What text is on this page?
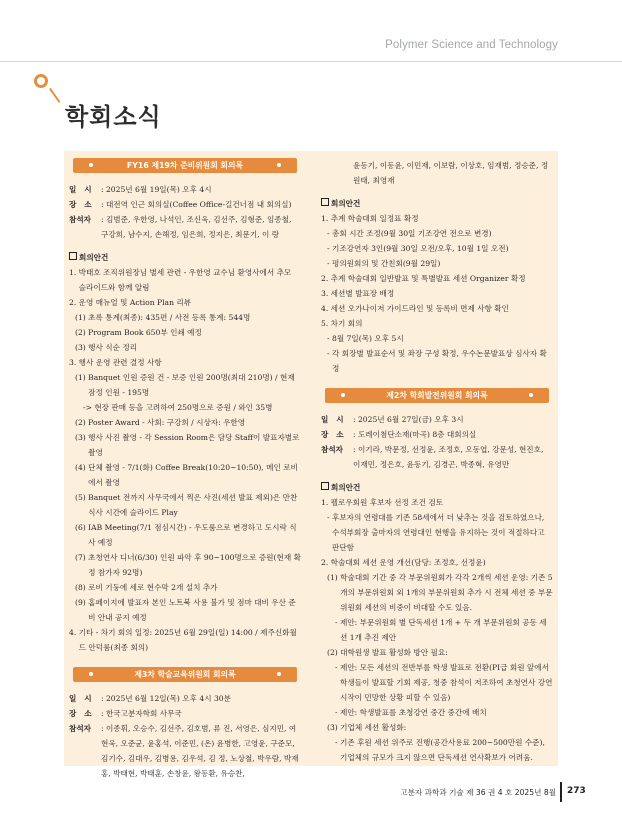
Polymer Science and Technology
학회소식
FY16 제19차 준비위원회 회의록
일   시	: 2025년 6월 19일(목) 오후 4시
장   소	: 대전역 인근 회의실(Coffee Office-길건너점 내 회의실)
참석자	: 김범준, 우한영, 나석인, 조신욱, 김선주, 김형준, 임종철, 구강희, 남수지, 손해정, 임은희, 정지은, 최문기, 이 랑
회의안건
1. 박태호 조직위원장님 별세 관련 - 우한영 교수님 환영사에서 추모 슬라이드와 함께 알림
2. 운영 매뉴얼 및 Action Plan 리뷰
(1) 초록 통계(최종): 435편 / 사전 등록 통계: 544명
(2) Program Book 650부 인쇄 예정
(3) 행사 식순 정리
3. 행사 운영 관련 결정 사항
(1) Banquet 인원 증원 건 - 보증 인원 200명(최대 210명) / 현재 잠정 인원 - 195명
-> 현장 판매 등을 고려하여 250명으로 증원 / 와인 35병
(2) Poster Award - 사회: 구강희 / 시상자: 우한영
(3) 행사 사진 촬영 - 각 Session Room은 담당 Staff이 발표자별로 촬영
(4) 단체 촬영 - 7/1(화) Coffee Break(10:20~10:50), 메인 로비에서 촬영
(5) Banquet 전까지 사무국에서 찍은 사진(세션 발표 제외)은 만찬 식사 시간에 슬라이드 Play
(6) IAB Meeting(7/1 점심시간) - 우도룸으로 변경하고 도시락 식사 예정
(7) 초청연사 디너(6/30) 인원 파악 후 90~100명으로 증원(현재 확정 참가자 92명)
(8) 로비 기둥에 세로 현수막 2개 설치 추가
(9) 홈페이지에 발표자 본인 노트북 사용 불가 및 점마 대비 우산 준비 안내 공지 예정
4. 기타 - 차기 회의 일정: 2025년 6월 29일(일) 14:00 / 제주신화월드 안덕룸(최종 회의)
제3차 학술교육위원회 회의록
일   시	: 2025년 6월 12일(목) 오후 4시 30분
장   소	: 한국고분자학회 사무국
참석자	: 이종휘, 오승수, 김선주, 김호범, 류 진, 서영은, 심지민, 여현욱, 오준균, 윤홍석, 이준민, (온) 윤병한, 고영윤, 구준모, 김기수, 김대우, 김병용, 김우석, 김 정, 노상철, 박우람, 박재홍, 박태현, 박태훈, 손창윤, 왕동환, 유승찬,
윤동기, 이동윤, 이민재, 이보람, 이상호, 임재범, 정승준, 정원태, 최영재
회의안건
1. 추계 학술대회 일정표 확정
- 총회 시간 조정(9월 30일 기조강연 전으로 변경)
- 기조강연자 3인(9월 30일 오전/오후, 10월 1일 오전)
- 평의원회의 및 간친회(9월 29일)
2. 추계 학술대회 일반발표 및 특별발표 세션 Organizer 확정
3. 세션별 발표장 배정
4. 세션 오가나이저 가이드라인 및 등록비 면제 사항 확인
5. 차기 회의
- 8월 7일(목) 오후 5시
- 각 회장별 발표순서 및 좌장 구성 확정, 우수논문발표상 심사자 확정
제2차 학회발전위원회 회의록
일   시	: 2025년 6월 27일(금) 오후 3시
장   소	: 도레이첨단소재(마곡) 8층 대회의실
참석자	: 이기라, 박문정, 선정윤, 조정호, 오동엽, 강문성, 현진호, 이재민, 정은호, 윤동기, 김경곤, 박종혁, 유영만
회의안건
1. 펠로우회원 후보자 선정 조건 검토
- 후보자의 연령대를 기존 58세에서 더 낮추는 것을 검토하였으나, 수석부회장 출마자의 연령대인 현행을 유지하는 것이 적절하다고 판단함
2. 학술대회 세션 운영 개선(담당: 조정호, 선정윤)
(1) 학술대회 기간 중 각 부문위원회가 각각 2개씩 세션 운영: 기존 5개의 부문위원회 외 1개의 부문위원회 추가 시 전체 세션 중 부문위원회 세션의 비중이 비대할 수도 있음.
- 제안: 부문위원회 별 단독세션 1개 + 두 개 부문위원회 공동 세션 1개 추진 제안
(2) 대학원생 발표 활성화 방안 필요:
- 제안: 모든 세션의 전반부를 학생 발표로 전환(PI급 회원 앞에서 학생들이 발표할 기회 제공, 청중 참석이 저조하여 초청연사 강연 시작이 민망한 상황 피할 수 있음)
- 제안: 학생발표를 초청강연 중간 중간에 배치
(3) 기업체 세션 활성화:
- 기존 후원 세션 위주로 진행(공간사용료 200~500만원 수준), 기업체의 규모가 크지 않으면 단독세션 연사확보가 어려움.
고분자 과학과 기술 제 36 권 4 호 2025년 8월 273
